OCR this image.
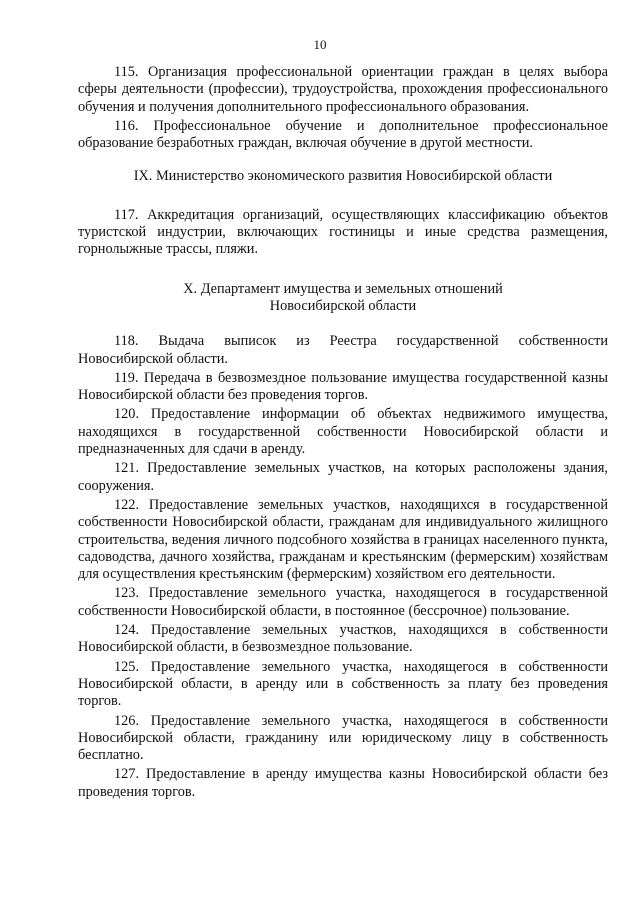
10

115. Организация профессиональной ориентации граждан в целях выбора сферы деятельности (профессии), трудоустройства, прохождения профессионального обучения и получения дополнительного профессионального образования.

116. Профессиональное обучение и дополнительное профессиональное образование безработных граждан, включая обучение в другой местности.

IX. Министерство экономического развития Новосибирской области

117. Аккредитация организаций, осуществляющих классификацию объектов туристской индустрии, включающих гостиницы и иные средства размещения, горнолыжные трассы, пляжи.

X. Департамент имущества и земельных отношений
Новосибирской области

118. Выдача выписок из Реестра государственной собственности Новосибирской области.

119. Передача в безвозмездное пользование имущества государственной казны Новосибирской области без проведения торгов.

120. Предоставление информации об объектах недвижимого имущества, находящихся в государственной собственности Новосибирской области и предназначенных для сдачи в аренду.

121. Предоставление земельных участков, на которых расположены здания, сооружения.

122. Предоставление земельных участков, находящихся в государственной собственности Новосибирской области, гражданам для индивидуального жилищного строительства, ведения личного подсобного хозяйства в границах населенного пункта, садоводства, дачного хозяйства, гражданам и крестьянским (фермерским) хозяйствам для осуществления крестьянским (фермерским) хозяйством его деятельности.

123. Предоставление земельного участка, находящегося в государственной собственности Новосибирской области, в постоянное (бессрочное) пользование.

124. Предоставление земельных участков, находящихся в собственности Новосибирской области, в безвозмездное пользование.

125. Предоставление земельного участка, находящегося в собственности Новосибирской области, в аренду или в собственность за плату без проведения торгов.

126. Предоставление земельного участка, находящегося в собственности Новосибирской области, гражданину или юридическому лицу в собственность бесплатно.

127. Предоставление в аренду имущества казны Новосибирской области без проведения торгов.
